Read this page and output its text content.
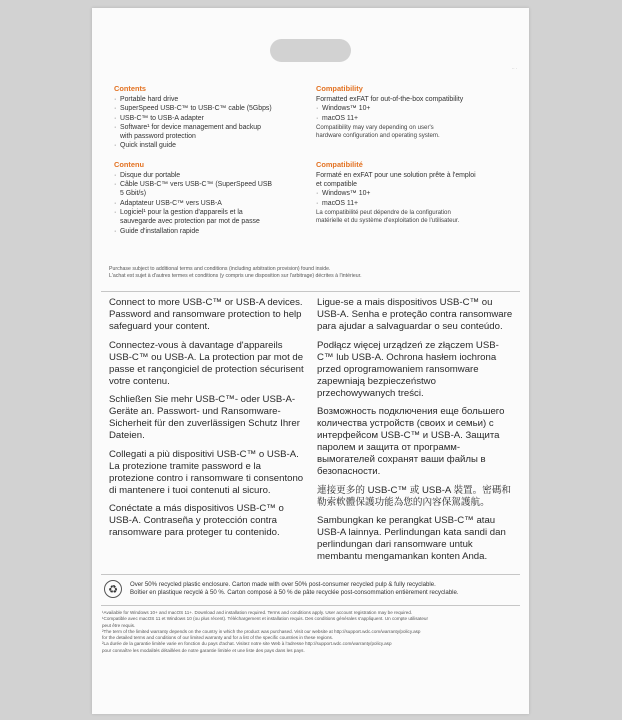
·· ·
Contents
· Portable hard drive
· SuperSpeed USB-C™ to USB-C™ cable (5Gbps)
· USB-C™ to USB-A adapter
· Software¹ for device management and backup
with password protection
· Quick install guide
Compatibility
Formatted exFAT for out-of-the-box compatibility
· Windows™ 10+
· macOS 11+
Compatibility may vary depending on user's
hardware configuration and operating system.
Contenu
· Disque dur portable
· Câble USB-C™ vers USB-C™ (SuperSpeed USB
5 Gbit/s)
· Adaptateur USB-C™ vers USB-A
· Logiciel¹ pour la gestion d'appareils et la
sauvegarde avec protection par mot de passe
· Guide d'installation rapide
Compatibilité
Formaté en exFAT pour une solution prête à l'emploi
et compatible
· Windows™ 10+
· macOS 11+
La compatibilité peut dépendre de la configuration
matérielle et du système d'exploitation de l'utilisateur.

Purchase subject to additional terms and conditions (including arbitration provision) found inside.

L'achat est sujet à d'autres termes et conditions (y compris une disposition sur l'arbitrage) décrites à l'intérieur.

Connect to more USB-C™ or USB-A devices. Password and ransomware protection to help safeguard your content.

Connectez-vous à davantage d'appareils USB-C™ ou USB-A. La protection par mot de passe et rançongiciel de protection sécurisent votre contenu.

Schließen Sie mehr USB-C™- oder USB-A-Geräte an. Passwort- und Ransomware-Sicherheit für den zuverlässigen Schutz Ihrer Dateien.

Collegati a più dispositivi USB-C™ o USB-A. La protezione tramite password e la protezione contro i ransomware ti consentono di mantenere i tuoi contenuti al sicuro.

Conéctate a más dispositivos USB-C™ o USB-A. Contraseña y protección contra ransomware para proteger tu contenido.

Ligue-se a mais dispositivos USB-C™ ou USB-A. Senha e proteção contra ransomware para ajudar a salvaguardar o seu conteúdo.

Podłącz więcej urządzeń ze złączem USB-C™ lub USB-A. Ochrona hasłem iochrona przed oprogramowaniem ransomware zapewniają bezpieczeństwo przechowywanych treści.

Возможность подключения еще большего количества устройств (своих и семьи) с интерфейсом USB-C™ и USB-A. Защита паролем и защита от программ-вымогателей сохранят ваши файлы в безопасности.

連接更多的 USB-C™ 或 USB-A 裝置。密碼和勒索軟體保護功能為您的內容保駕護航。

Sambungkan ke perangkat USB-C™ atau USB-A lainnya. Perlindungan kata sandi dan perlindungan dari ransomware untuk membantu mengamankan konten Anda.

♻	Over 50% recycled plastic enclosure. Carton made with over 50% post-consumer recycled pulp & fully recyclable.

Boîtier en plastique recyclé à 50 %. Carton composé à 50 % de pâte recyclée post-consommation entièrement recyclable.

¹Available for Windows 10+ and macOS 11+. Download and installation required. Terms and conditions apply. User account registration may be required.

¹Compatible avec macOS 11 et Windows 10 (ou plus récent). Téléchargement et installation requis. Des conditions générales s'appliquent. Un compte utilisateur

peut être requis.

²The term of the limited warranty depends on the country in which the product was purchased. Visit our website at http://support.wdc.com/warranty/policy.asp

for the detailed terms and conditions of our limited warranty and for a list of the specific countries in these regions.

²La durée de la garantie limitée varie en fonction du pays d'achat. Visitez notre site Web à l'adresse http://support.wdc.com/warranty/policy.asp

pour connaître les modalités détaillées de notre garantie limitée et une liste des pays dans les pays.
